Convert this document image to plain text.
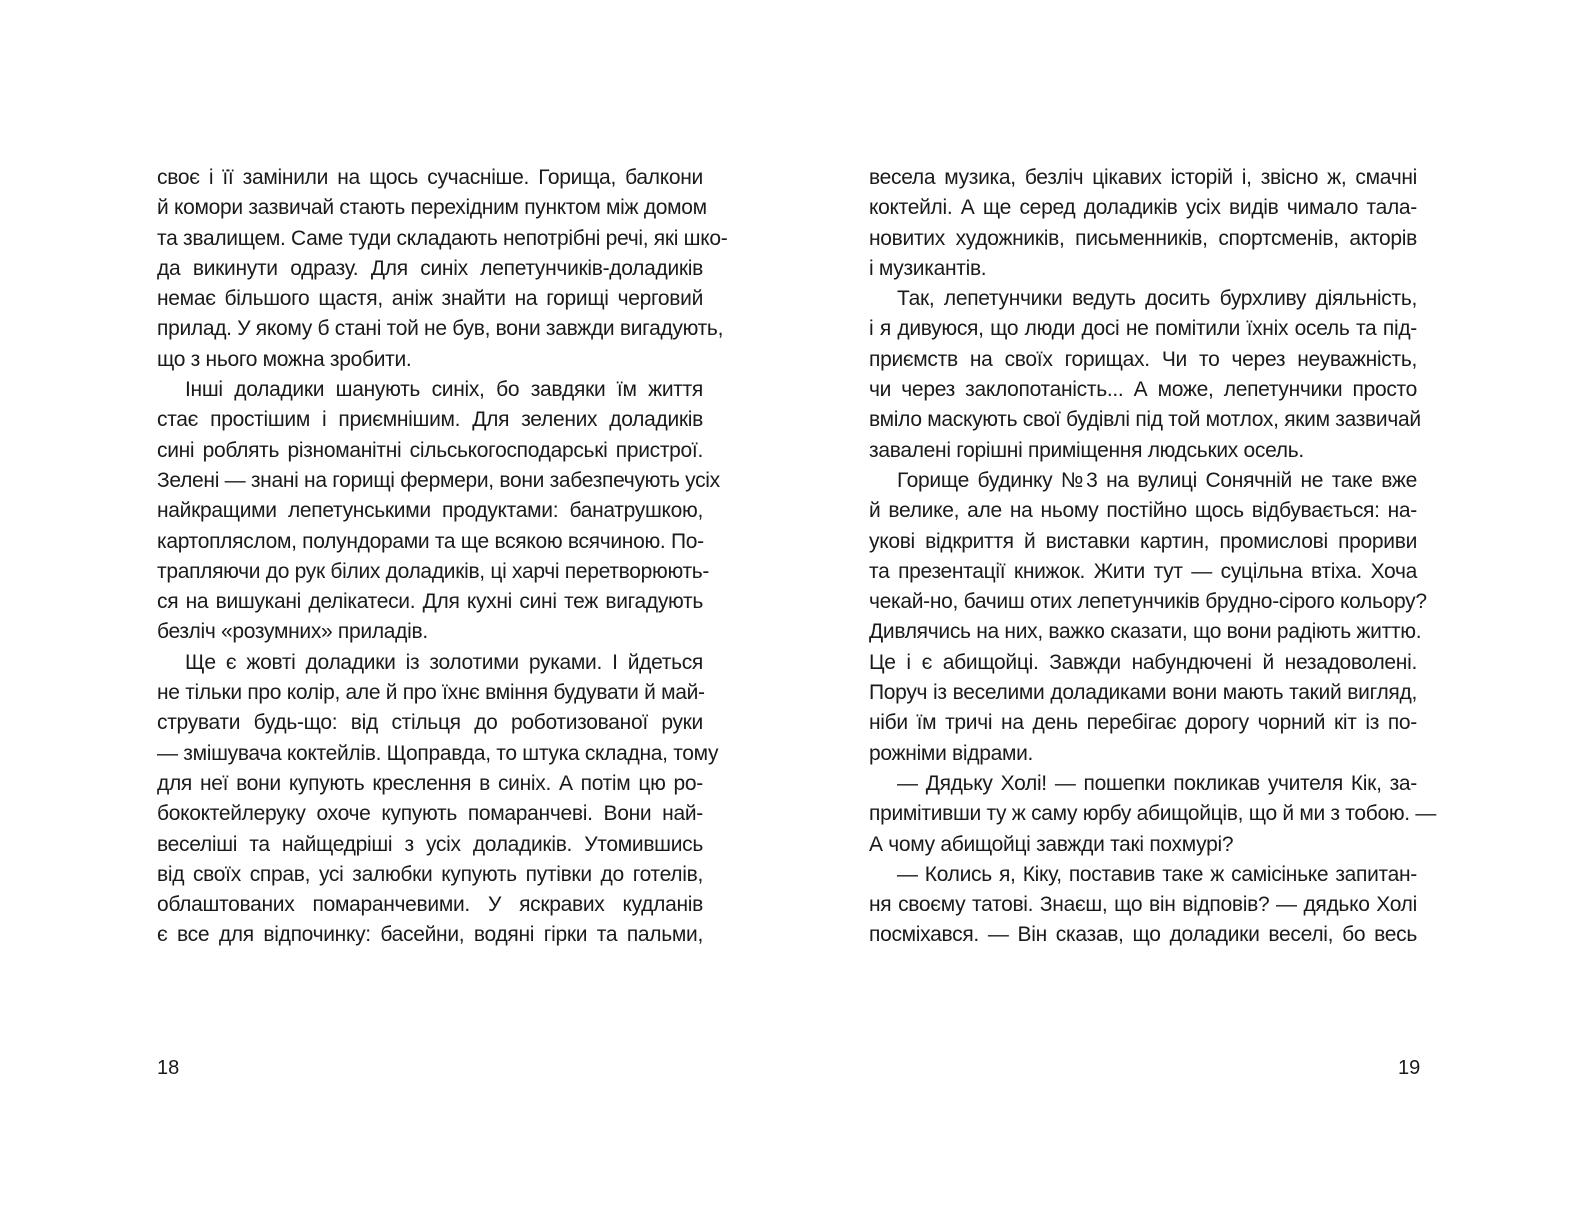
своє і її замінили на щось сучасніше. Горища, балкони
й комори зазвичай стають перехідним пунктом між домом
та звалищем. Саме туди складають непотрібні речі, які шко-
да викинути одразу. Для синіх лепетунчиків-доладиків
немає більшого щастя, аніж знайти на горищі черговий
прилад. У якому б стані той не був, вони завжди вигадують,
що з нього можна зробити.
Інші доладики шанують синіх, бо завдяки їм життя
стає простішим і приємнішим. Для зелених доладиків
сині роблять різноманітні сільськогосподарські пристрої.
Зелені — знані на горищі фермери, вони забезпечують усіх
найкращими лепетунськими продуктами: банатрушкою,
картопляслом, полундорами та ще всякою всячиною. По-
трапляючи до рук білих доладиків, ці харчі перетворюють-
ся на вишукані делікатеси. Для кухні сині теж вигадують
безліч «розумних» приладів.
Ще є жовті доладики із золотими руками. І йдеться
не тільки про колір, але й про їхнє вміння будувати й май-
струвати будь-що: від стільця до роботизованої руки
— змішувача коктейлів. Щоправда, то штука складна, тому
для неї вони купують креслення в синіх. А потім цю ро-
бококтейлеруку охоче купують помаранчеві. Вони най-
веселіші та найщедріші з усіх доладиків. Утомившись
від своїх справ, усі залюбки купують путівки до готелів,
облаштованих помаранчевими. У яскравих кудланів
є все для відпочинку: басейни, водяні гірки та пальми,
18
весела музика, безліч цікавих історій і, звісно ж, смачні
коктейлі. А ще серед доладиків усіх видів чимало тала-
новитих художників, письменників, спортсменів, акторів
і музикантів.
Так, лепетунчики ведуть досить бурхливу діяльність,
і я дивуюся, що люди досі не помітили їхніх осель та під-
приємств на своїх горищах. Чи то через неуважність,
чи через заклопотаність... А може, лепетунчики просто
вміло маскують свої будівлі під той мотлох, яким зазвичай
завалені горішні приміщення людських осель.
Горище будинку №3 на вулиці Сонячній не таке вже
й велике, але на ньому постійно щось відбувається: на-
укові відкриття й виставки картин, промислові прориви
та презентації книжок. Жити тут — суцільна втіха. Хоча
чекай-но, бачиш отих лепетунчиків брудно-сірого кольору?
Дивлячись на них, важко сказати, що вони радіють життю.
Це і є абищойці. Завжди набундючені й незадоволені.
Поруч із веселими доладиками вони мають такий вигляд,
ніби їм тричі на день перебігає дорогу чорний кіт із по-
рожніми відрами.
— Дядьку Холі! — пошепки покликав учителя Кік, за-
примітивши ту ж саму юрбу абищойців, що й ми з тобою. —
А чому абищойці завжди такі похмурі?
— Колись я, Кіку, поставив таке ж самісіньке запитан-
ня своєму татові. Знаєш, що він відповів? — дядько Холі
посміхався. — Він сказав, що доладики веселі, бо весь
19
